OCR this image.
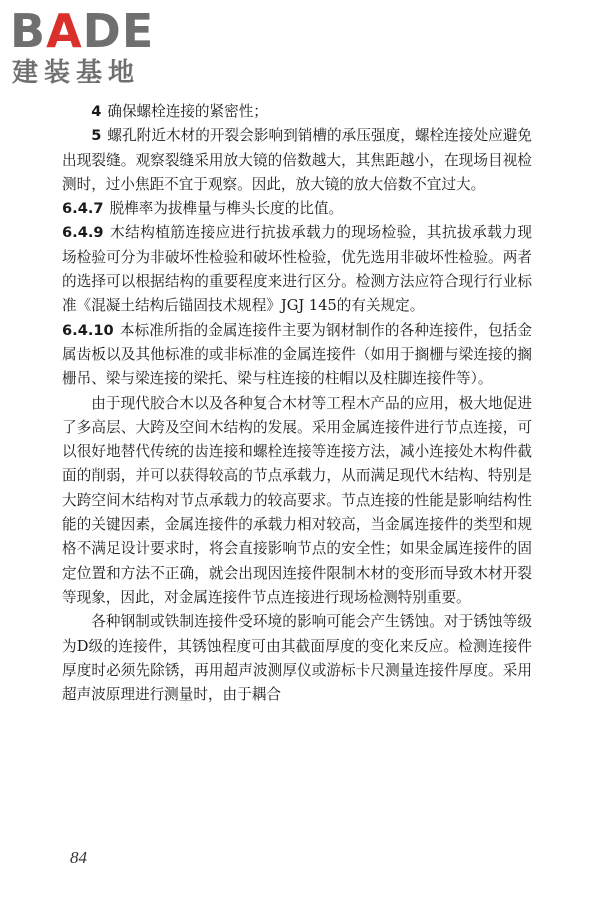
BADE
建装基地

4 确保螺栓连接的紧密性；

5 螺孔附近木材的开裂会影响到销槽的承压强度，螺栓连接处应避免出现裂缝。观察裂缝采用放大镜的倍数越大，其焦距越小，在现场目视检测时，过小焦距不宜于观察。因此，放大镜的放大倍数不宜过大。

6.4.7 脱榫率为拔榫量与榫头长度的比值。

6.4.9 木结构植筋连接应进行抗拔承载力的现场检验，其抗拔承载力现场检验可分为非破坏性检验和破坏性检验，优先选用非破坏性检验。两者的选择可以根据结构的重要程度来进行区分。检测方法应符合现行行业标准《混凝土结构后锚固技术规程》JGJ 145的有关规定。

6.4.10 本标准所指的金属连接件主要为钢材制作的各种连接件，包括金属齿板以及其他标准的或非标准的金属连接件（如用于搁栅与梁连接的搁栅吊、梁与梁连接的梁托、梁与柱连接的柱帽以及柱脚连接件等）。

由于现代胶合木以及各种复合木材等工程木产品的应用，极大地促进了多高层、大跨及空间木结构的发展。采用金属连接件进行节点连接，可以很好地替代传统的齿连接和螺栓连接等连接方法，减小连接处木构件截面的削弱，并可以获得较高的节点承载力，从而满足现代木结构、特别是大跨空间木结构对节点承载力的较高要求。节点连接的性能是影响结构性能的关键因素，金属连接件的承载力相对较高，当金属连接件的类型和规格不满足设计要求时，将会直接影响节点的安全性；如果金属连接件的固定位置和方法不正确，就会出现因连接件限制木材的变形而导致木材开裂等现象，因此，对金属连接件节点连接进行现场检测特别重要。

各种钢制或铁制连接件受环境的影响可能会产生锈蚀。对于锈蚀等级为D级的连接件，其锈蚀程度可由其截面厚度的变化来反应。检测连接件厚度时必须先除锈，再用超声波测厚仪或游标卡尺测量连接件厚度。采用超声波原理进行测量时，由于耦合

84
